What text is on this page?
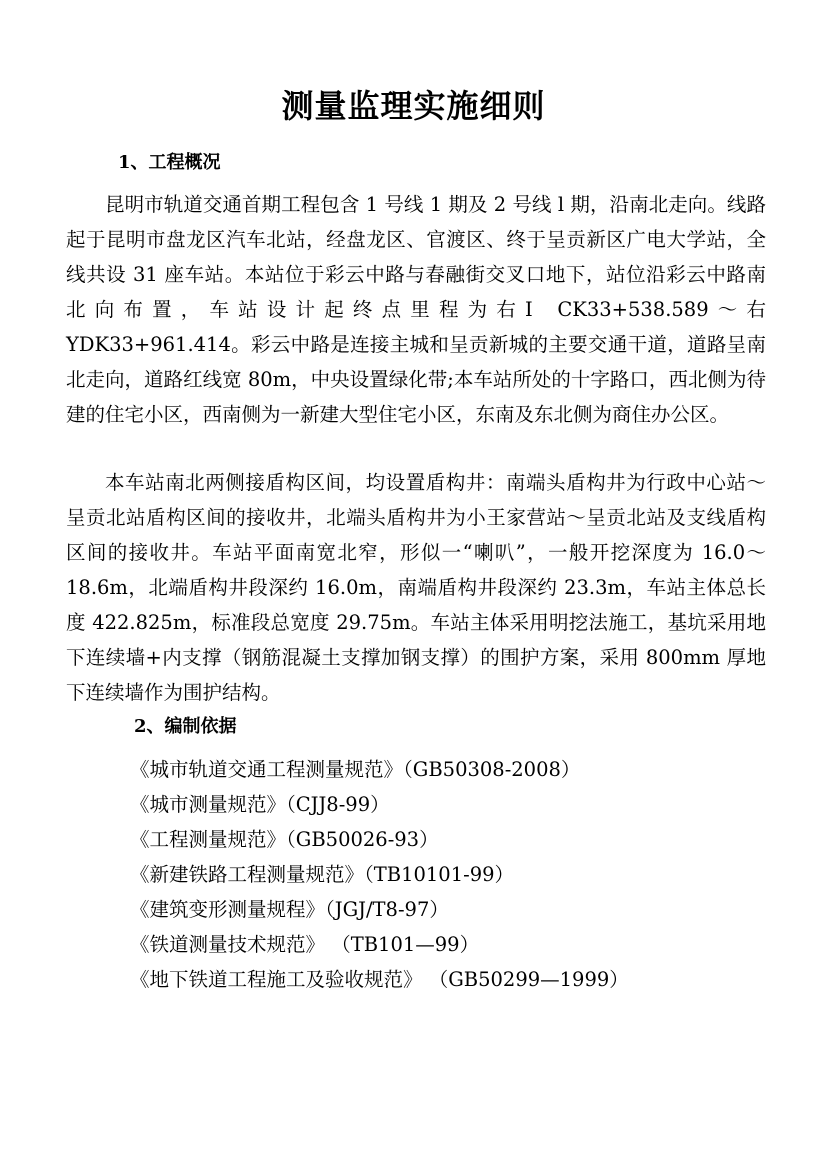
测量监理实施细则
1、工程概况

昆明市轨道交通首期工程包含 1 号线 1 期及 2 号线 l 期，沿南北走向。线路起于昆明市盘龙区汽车北站，经盘龙区、官渡区、终于呈贡新区广电大学站，全线共设 31 座车站。本站位于彩云中路与春融街交叉口地下，站位沿彩云中路南北向布置，车站设计起终点里程为右Ⅰ CK33+538.589～右 YDK33+961.414。彩云中路是连接主城和呈贡新城的主要交通干道，道路呈南北走向，道路红线宽 80m，中央设置绿化带;本车站所处的十字路口，西北侧为待建的住宅小区，西南侧为一新建大型住宅小区，东南及东北侧为商住办公区。

本车站南北两侧接盾构区间，均设置盾构井：南端头盾构井为行政中心站～呈贡北站盾构区间的接收井，北端头盾构井为小王家营站～呈贡北站及支线盾构区间的接收井。车站平面南宽北窄，形似一“喇叭”，一般开挖深度为 16.0～18.6m，北端盾构井段深约 16.0m，南端盾构井段深约 23.3m，车站主体总长度 422.825m，标准段总宽度 29.75m。车站主体采用明挖法施工，基坑采用地下连续墙+内支撑（钢筋混凝土支撑加钢支撑）的围护方案，采用 800mm 厚地下连续墙作为围护结构。

2、编制依据
《城市轨道交通工程测量规范》（GB50308-2008）
《城市测量规范》（CJJ8-99）
《工程测量规范》（GB50026-93）
《新建铁路工程测量规范》（TB10101-99）
《建筑变形测量规程》（JGJ/T8-97）
《铁道测量技术规范》 （TB101—99）
《地下铁道工程施工及验收规范》 （GB50299—1999）
